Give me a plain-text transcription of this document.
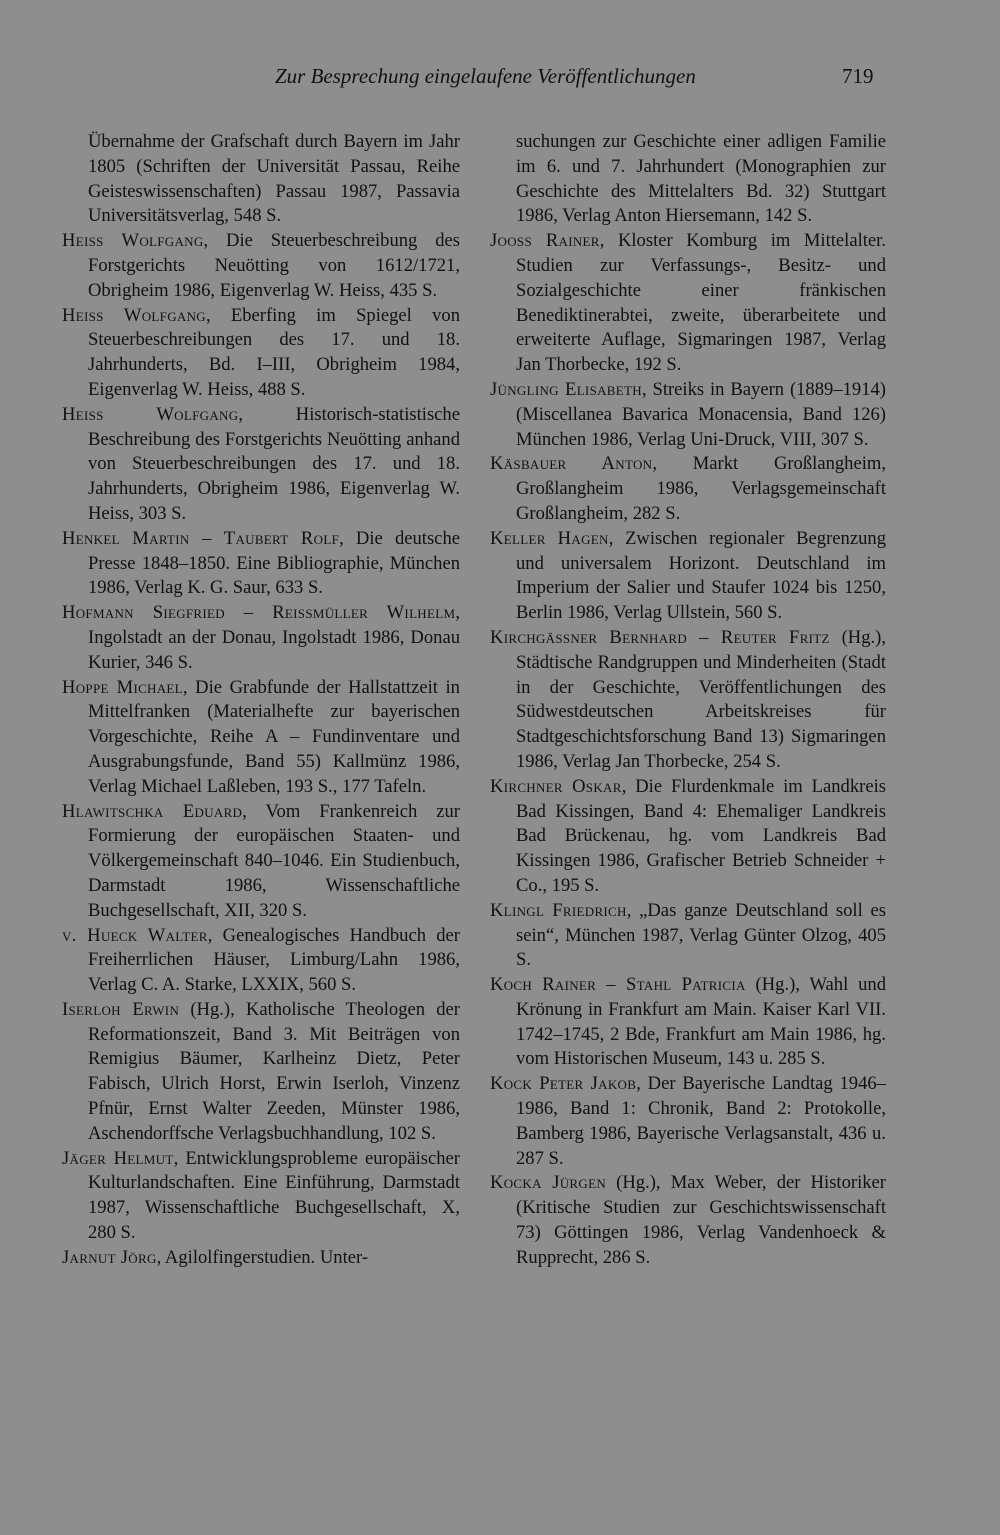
Zur Besprechung eingelaufene Veröffentlichungen	719

Übernahme der Grafschaft durch Bayern im Jahr 1805 (Schriften der Universität Passau, Reihe Geisteswissenschaften) Passau 1987, Passavia Universitätsverlag, 548 S.

Heiss Wolfgang, Die Steuerbeschreibung des Forstgerichts Neuötting von 1612/1721, Obrigheim 1986, Eigenverlag W. Heiss, 435 S.

Heiss Wolfgang, Eberfing im Spiegel von Steuerbeschreibungen des 17. und 18. Jahrhunderts, Bd. I–III, Obrigheim 1984, Eigenverlag W. Heiss, 488 S.

Heiss Wolfgang, Historisch-statistische Beschreibung des Forstgerichts Neuötting anhand von Steuerbeschreibungen des 17. und 18. Jahrhunderts, Obrigheim 1986, Eigenverlag W. Heiss, 303 S.

Henkel Martin – Taubert Rolf, Die deutsche Presse 1848–1850. Eine Bibliographie, München 1986, Verlag K. G. Saur, 633 S.

Hofmann Siegfried – Reissmüller Wilhelm, Ingolstadt an der Donau, Ingolstadt 1986, Donau Kurier, 346 S.

Hoppe Michael, Die Grabfunde der Hallstattzeit in Mittelfranken (Materialhefte zur bayerischen Vorgeschichte, Reihe A – Fundinventare und Ausgrabungsfunde, Band 55) Kallmünz 1986, Verlag Michael Laßleben, 193 S., 177 Tafeln.

Hlawitschka Eduard, Vom Frankenreich zur Formierung der europäischen Staaten- und Völkergemeinschaft 840–1046. Ein Studienbuch, Darmstadt 1986, Wissenschaftliche Buchgesellschaft, XII, 320 S.

v. Hueck Walter, Genealogisches Handbuch der Freiherrlichen Häuser, Limburg/Lahn 1986, Verlag C. A. Starke, LXXIX, 560 S.

Iserloh Erwin (Hg.), Katholische Theologen der Reformationszeit, Band 3. Mit Beiträgen von Remigius Bäumer, Karlheinz Dietz, Peter Fabisch, Ulrich Horst, Erwin Iserloh, Vinzenz Pfnür, Ernst Walter Zeeden, Münster 1986, Aschendorffsche Verlagsbuchhandlung, 102 S.

Jäger Helmut, Entwicklungsprobleme europäischer Kulturlandschaften. Eine Einführung, Darmstadt 1987, Wissenschaftliche Buchgesellschaft, X, 280 S.

Jarnut Jörg, Agilolfingerstudien. Unter-

suchungen zur Geschichte einer adligen Familie im 6. und 7. Jahrhundert (Monographien zur Geschichte des Mittelalters Bd. 32) Stuttgart 1986, Verlag Anton Hiersemann, 142 S.

Jooss Rainer, Kloster Komburg im Mittelalter. Studien zur Verfassungs-, Besitz- und Sozialgeschichte einer fränkischen Benediktinerabtei, zweite, überarbeitete und erweiterte Auflage, Sigmaringen 1987, Verlag Jan Thorbecke, 192 S.

Jüngling Elisabeth, Streiks in Bayern (1889–1914) (Miscellanea Bavarica Monacensia, Band 126) München 1986, Verlag Uni-Druck, VIII, 307 S.

Käsbauer Anton, Markt Großlangheim, Großlangheim 1986, Verlagsgemeinschaft Großlangheim, 282 S.

Keller Hagen, Zwischen regionaler Begrenzung und universalem Horizont. Deutschland im Imperium der Salier und Staufer 1024 bis 1250, Berlin 1986, Verlag Ullstein, 560 S.

Kirchgässner Bernhard – Reuter Fritz (Hg.), Städtische Randgruppen und Minderheiten (Stadt in der Geschichte, Veröffentlichungen des Südwestdeutschen Arbeitskreises für Stadtgeschichtsforschung Band 13) Sigmaringen 1986, Verlag Jan Thorbecke, 254 S.

Kirchner Oskar, Die Flurdenkmale im Landkreis Bad Kissingen, Band 4: Ehemaliger Landkreis Bad Brückenau, hg. vom Landkreis Bad Kissingen 1986, Grafischer Betrieb Schneider + Co., 195 S.

Klingl Friedrich, „Das ganze Deutschland soll es sein“, München 1987, Verlag Günter Olzog, 405 S.

Koch Rainer – Stahl Patricia (Hg.), Wahl und Krönung in Frankfurt am Main. Kaiser Karl VII. 1742–1745, 2 Bde, Frankfurt am Main 1986, hg. vom Historischen Museum, 143 u. 285 S.

Kock Peter Jakob, Der Bayerische Landtag 1946–1986, Band 1: Chronik, Band 2: Protokolle, Bamberg 1986, Bayerische Verlagsanstalt, 436 u. 287 S.

Kocka Jürgen (Hg.), Max Weber, der Historiker (Kritische Studien zur Geschichtswissenschaft 73) Göttingen 1986, Verlag Vandenhoeck & Rupprecht, 286 S.
